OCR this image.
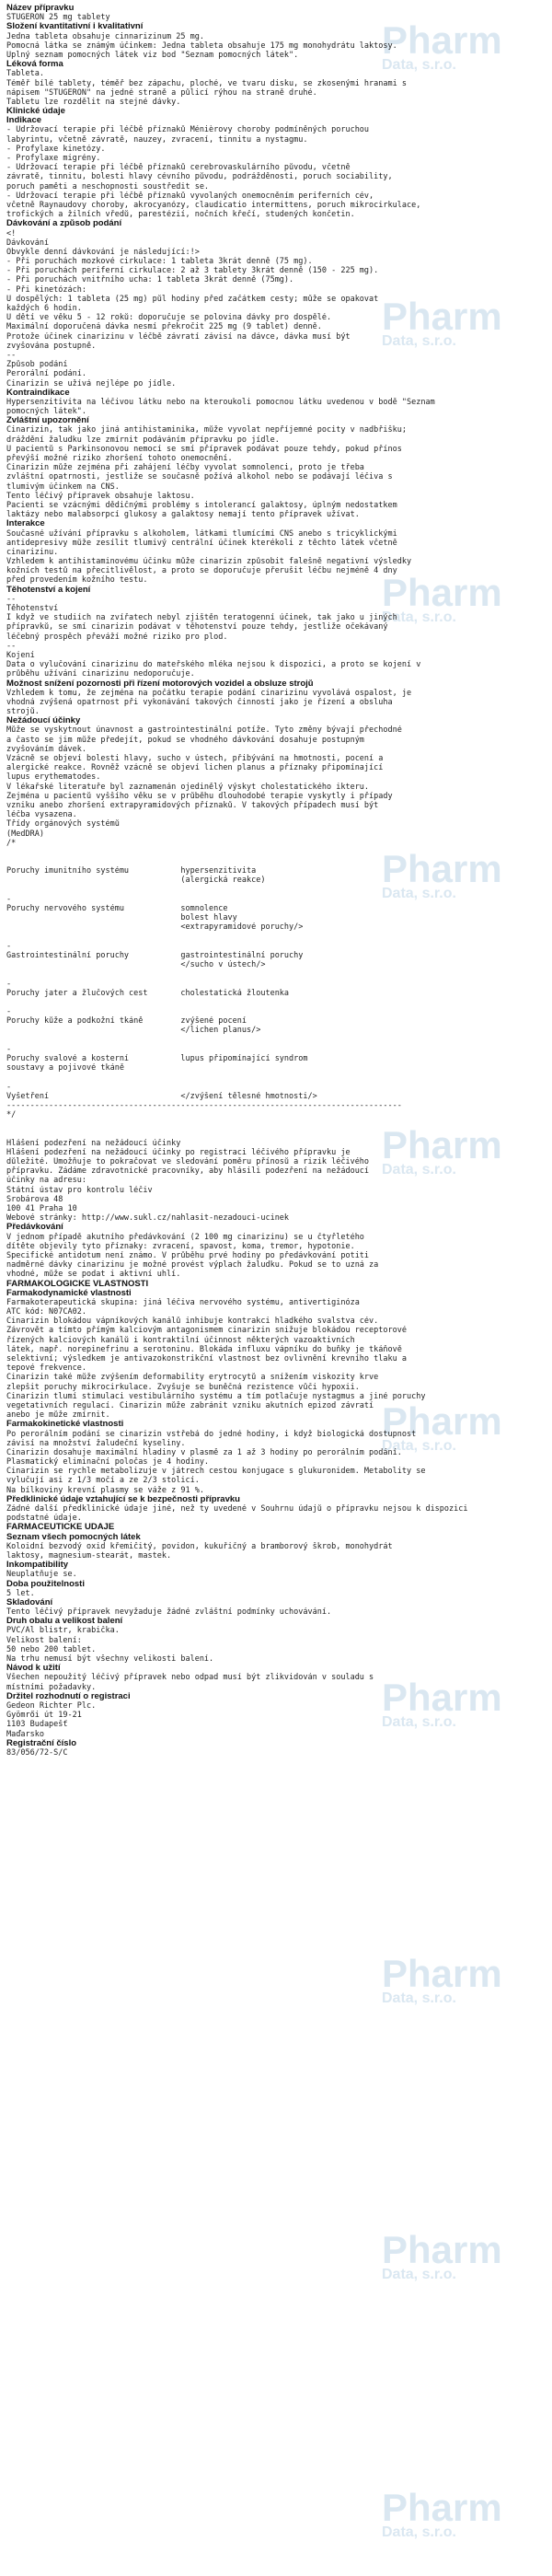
Pharm
Data, s.r.o.
Pharm
Data, s.r.o.
Pharm
Data, s.r.o.
Pharm
Data, s.r.o.
Pharm
Data, s.r.o.
Pharm
Data, s.r.o.
Pharm
Data, s.r.o.
Pharm
Data, s.r.o.
Pharm
Data, s.r.o.
Pharm
Data, s.r.o.
Název přípravku
STUGERON 25 mg tablety
Složení kvantitativní i kvalitativní
Jedna tableta obsahuje cinnarizinum 25 mg.
Pomocná látka se známým účinkem: Jedna tableta obsahuje 175 mg monohydrátu laktosy.
Úplný seznam pomocných látek viz bod "Seznam pomocných látek".
Léková forma
Tableta.
Téměř bílé tablety, téměř bez zápachu, ploché, ve tvaru disku, se zkosenými hranami s
nápisem "STUGERON" na jedné straně a půlicí rýhou na straně druhé.
Tabletu lze rozdělit na stejné dávky.
Klinické údaje
Indikace
- Udržovací terapie při léčbě příznaků Ménièrovy choroby podmíněných poruchou
labyrintu, včetně závratě, nauzey, zvracení, tinnitu a nystagmu.
- Profylaxe kinetózy.
- Profylaxe migrény.
- Udržovací terapie při léčbě příznaků cerebrovaskulárního původu, včetně
závratě, tinnitu, bolesti hlavy cévního původu, podrážděnosti, poruch sociability,
poruch paměti a neschopnosti soustředit se.
- Udržovací terapie při léčbě příznaků vyvolaných onemocněním periferních cév,
včetně Raynaudovy choroby, akrocyanózy, claudicatio intermittens, poruch mikrocirkulace,
trofických a žilních vředů, parestézií, nočních křečí, studených končetin.
Dávkování a způsob podání
<!
Dávkování
Obvykle denní dávkování je následující:!>
- Při poruchách mozkové cirkulace: 1 tableta 3krát denně (75 mg).
- Při poruchách periferní cirkulace: 2 až 3 tablety 3krát denně (150 - 225 mg).
- Při poruchách vnitřního ucha: 1 tableta 3krát denně (75mg).
- Při kinetózách:
U dospělých: 1 tableta (25 mg) půl hodiny před začátkem cesty; může se opakovat
každých 6 hodin.
U dětí ve věku 5 - 12 roků: doporučuje se polovina dávky pro dospělé.
Maximální doporučená dávka nesmí překročit 225 mg (9 tablet) denně.
Protože účinek cinarizinu v léčbě závratí závisí na dávce, dávka musí být
zvyšována postupně.
--
Způsob podání
Perorální podání.
Cinarizin se užívá nejlépe po jídle.
Kontraindikace
Hypersenzitivita na léčivou látku nebo na kteroukoli pomocnou látku uvedenou v bodě "Seznam
pomocných látek".
Zvláštní upozornění
Cinarizin, tak jako jiná antihistaminika, může vyvolat nepříjemné pocity v nadbřišku;
dráždění žaludku lze zmírnit podáváním přípravku po jídle.
U pacientů s Parkinsonovou nemocí se smí přípravek podávat pouze tehdy, pokud přínos
převýší možné riziko zhoršení tohoto onemocnění.
Cinarizin může zejména při zahájení léčby vyvolat somnolenci, proto je třeba
zvláštní opatrnosti, jestliže se současně požívá alkohol nebo se podávají léčiva s
tlumivým účinkem na CNS.
Tento léčivý přípravek obsahuje laktosu.
Pacienti se vzácnými dědičnými problémy s intolerancí galaktosy, úplným nedostatkem
laktázy nebo malabsorpcí glukosy a galaktosy nemají tento přípravek užívat.
Interakce
Současné užívání přípravku s alkoholem, látkami tlumícími CNS anebo s tricyklickými
antidepresivy může zesílit tlumivý centrální účinek kterékoli z těchto látek včetně
cinarizinu.
Vzhledem k antihistaminovému účinku může cinarizin způsobit falešně negativní výsledky
kožních testů na přecitlivělost, a proto se doporučuje přerušit léčbu nejméně 4 dny
před provedením kožního testu.
Těhotenství a kojení
--
Těhotenství
I když ve studiích na zvířatech nebyl zjištěn teratogenní účinek, tak jako u jiných
přípravků, se smí cinarizin podávat v těhotenství pouze tehdy, jestliže očekávaný
léčebný prospěch převáží možné riziko pro plod.
--
Kojení
Data o vylučování cinarizinu do mateřského mléka nejsou k dispozici, a proto se kojení v
průběhu užívání cinarizinu nedoporučuje.
Možnost snížení pozornosti při řízení motorových vozidel a obsluze strojů
Vzhledem k tomu, že zejména na počátku terapie podání cinarizinu vyvolává ospalost, je
vhodná zvýšená opatrnost při vykonávání takových činností jako je řízení a obsluha
strojů.
Nežádoucí účinky
Může se vyskytnout únavnost a gastrointestinální potíže. Tyto změny bývají přechodné
a často se jim může předejít, pokud se vhodného dávkování dosahuje postupným
zvyšováním dávek.
Vzácně se objeví bolesti hlavy, sucho v ústech, přibývání na hmotnosti, pocení a
alergické reakce. Rovněž vzácně se objeví lichen planus a příznaky připomínající
lupus erythematodes.
V lékařské literatuře byl zaznamenán ojedinělý výskyt cholestatického ikteru.
Zejména u pacientů vyššího věku se v průběhu dlouhodobé terapie vyskytly i případy
vzniku anebo zhoršení extrapyramidových příznaků. V takových případech musí být
léčba vysazena.
Třídy orgánových systémů
(MedDRA)
/*
Poruchy imunitního systému           hypersenzitivita
(alergická reakce)
-
Poruchy nervového systému            somnolence
bolest hlavy
<extrapyramidové poruchy/>
-
Gastrointestinální poruchy           gastrointestinální poruchy
</sucho v ústech/>
-
Poruchy jater a žlučových cest       cholestatická žloutenka
-
Poruchy kůže a podkožní tkáně        zvýšené pocení
</lichen planus/>
-
Poruchy svalové a kosterní           lupus připomínající syndrom
soustavy a pojivové tkáně
-
Vyšetření                            </zvýšení tělesné hmotnosti/>
------------------------------------------------------------------------------------
*/
Hlášení podezření na nežádoucí účinky
Hlášení podezření na nežádoucí účinky po registraci léčivého přípravku je
důležité. Umožňuje to pokračovat ve sledování poměru přínosů a rizik léčivého
přípravku. Žádáme zdravotnické pracovníky, aby hlásili podezření na nežádoucí
účinky na adresu:
Státní ústav pro kontrolu léčiv
Šrobárova 48
100 41 Praha 10
Webové stránky: http://www.sukl.cz/nahlasit-nezadouci-ucinek
Předávkování
V jednom případě akutního předávkování (2 100 mg cinarizinu) se u čtyřletého
dítěte objevily tyto příznaky: zvracení, spavost, koma, tremor, hypotonie.
Specifické antidotum není známo. V průběhu prvé hodiny po předávkování potiti
nadměrné dávky cinarizinu je možné provést výplach žaludku. Pokud se to uzná za
vhodné, může se podat i aktivní uhlí.
FARMAKOLOGICKÉ VLASTNOSTI
Farmakodynamické vlastnosti
Farmakoterapeutická skupina: jiná léčiva nervového systému, antivertiginóza
ATC kód: N07CA02.
Cinarizin blokádou vápníkových kanálů inhibuje kontrakci hladkého svalstva cév.
Závrovět a tímto přímým kalciovým antagonismem cinarizin snižuje blokádou receptorové
řízených kalciových kanálů i kontraktilní účinnost některých vazoaktivních
látek, např. norepinefrinu a serotoninu. Blokáda influxu vápníku do buňky je tkáňově
selektivní; výsledkem je antivazokonstrikční vlastnost bez ovlivnění krevního tlaku a
tepové frekvence.
Cinarizin také může zvýšením deformability erytrocytů a snížením viskozity krve
zlepšit poruchy mikrocirkulace. Zvyšuje se buněčná rezistence vůči hypoxii.
Cinarizin tlumí stimulaci vestibulárního systému a tím potlačuje nystagmus a jiné poruchy
vegetativních regulací. Cinarizin může zabránit vzniku akutních epizod závratí
anebo je může zmírnit.
Farmakokinetické vlastnosti
Po perorálním podání se cinarizin vstřebá do jedné hodiny, i když biologická dostupnost
závisí na množství žaludeční kyseliny.
Cinarizin dosahuje maximální hladiny v plasmě za 1 až 3 hodiny po perorálním podání.
Plasmatický eliminační poločas je 4 hodiny.
Cinarizin se rychle metabolizuje v játrech cestou konjugace s glukuronidem. Metabolity se
vylučují asi z 1/3 močí a ze 2/3 stolicí.
Na bílkoviny krevní plasmy se váže z 91 %.
Předklinické údaje vztahující se k bezpečnosti přípravku
Žádné další předklinické údaje jiné, než ty uvedené v Souhrnu údajů o přípravku nejsou k dispozici
podstatné údaje.
FARMACEUTICKÉ ÚDAJE
Seznam všech pomocných látek
Koloidní bezvodý oxid křemičitý, povidon, kukuřičný a bramborový škrob, monohydrát
laktosy, magnesium-stearát, mastek.
Inkompatibility
Neuplatňuje se.
Doba použitelnosti
5 let.
Skladování
Tento léčivý přípravek nevyžaduje žádné zvláštní podmínky uchovávání.
Druh obalu a velikost balení
PVC/Al blistr, krabička.
Velikost balení:
50 nebo 200 tablet.
Na trhu nemusí být všechny velikosti balení.
Návod k užití
Všechen nepoužitý léčivý přípravek nebo odpad musí být zlikvidován v souladu s
místními požadavky.
Držitel rozhodnutí o registraci
Gedeon Richter Plc.
Gyömrői út 19-21
1103 Budapešť
Maďarsko
Registrační číslo
83/056/72-S/C
